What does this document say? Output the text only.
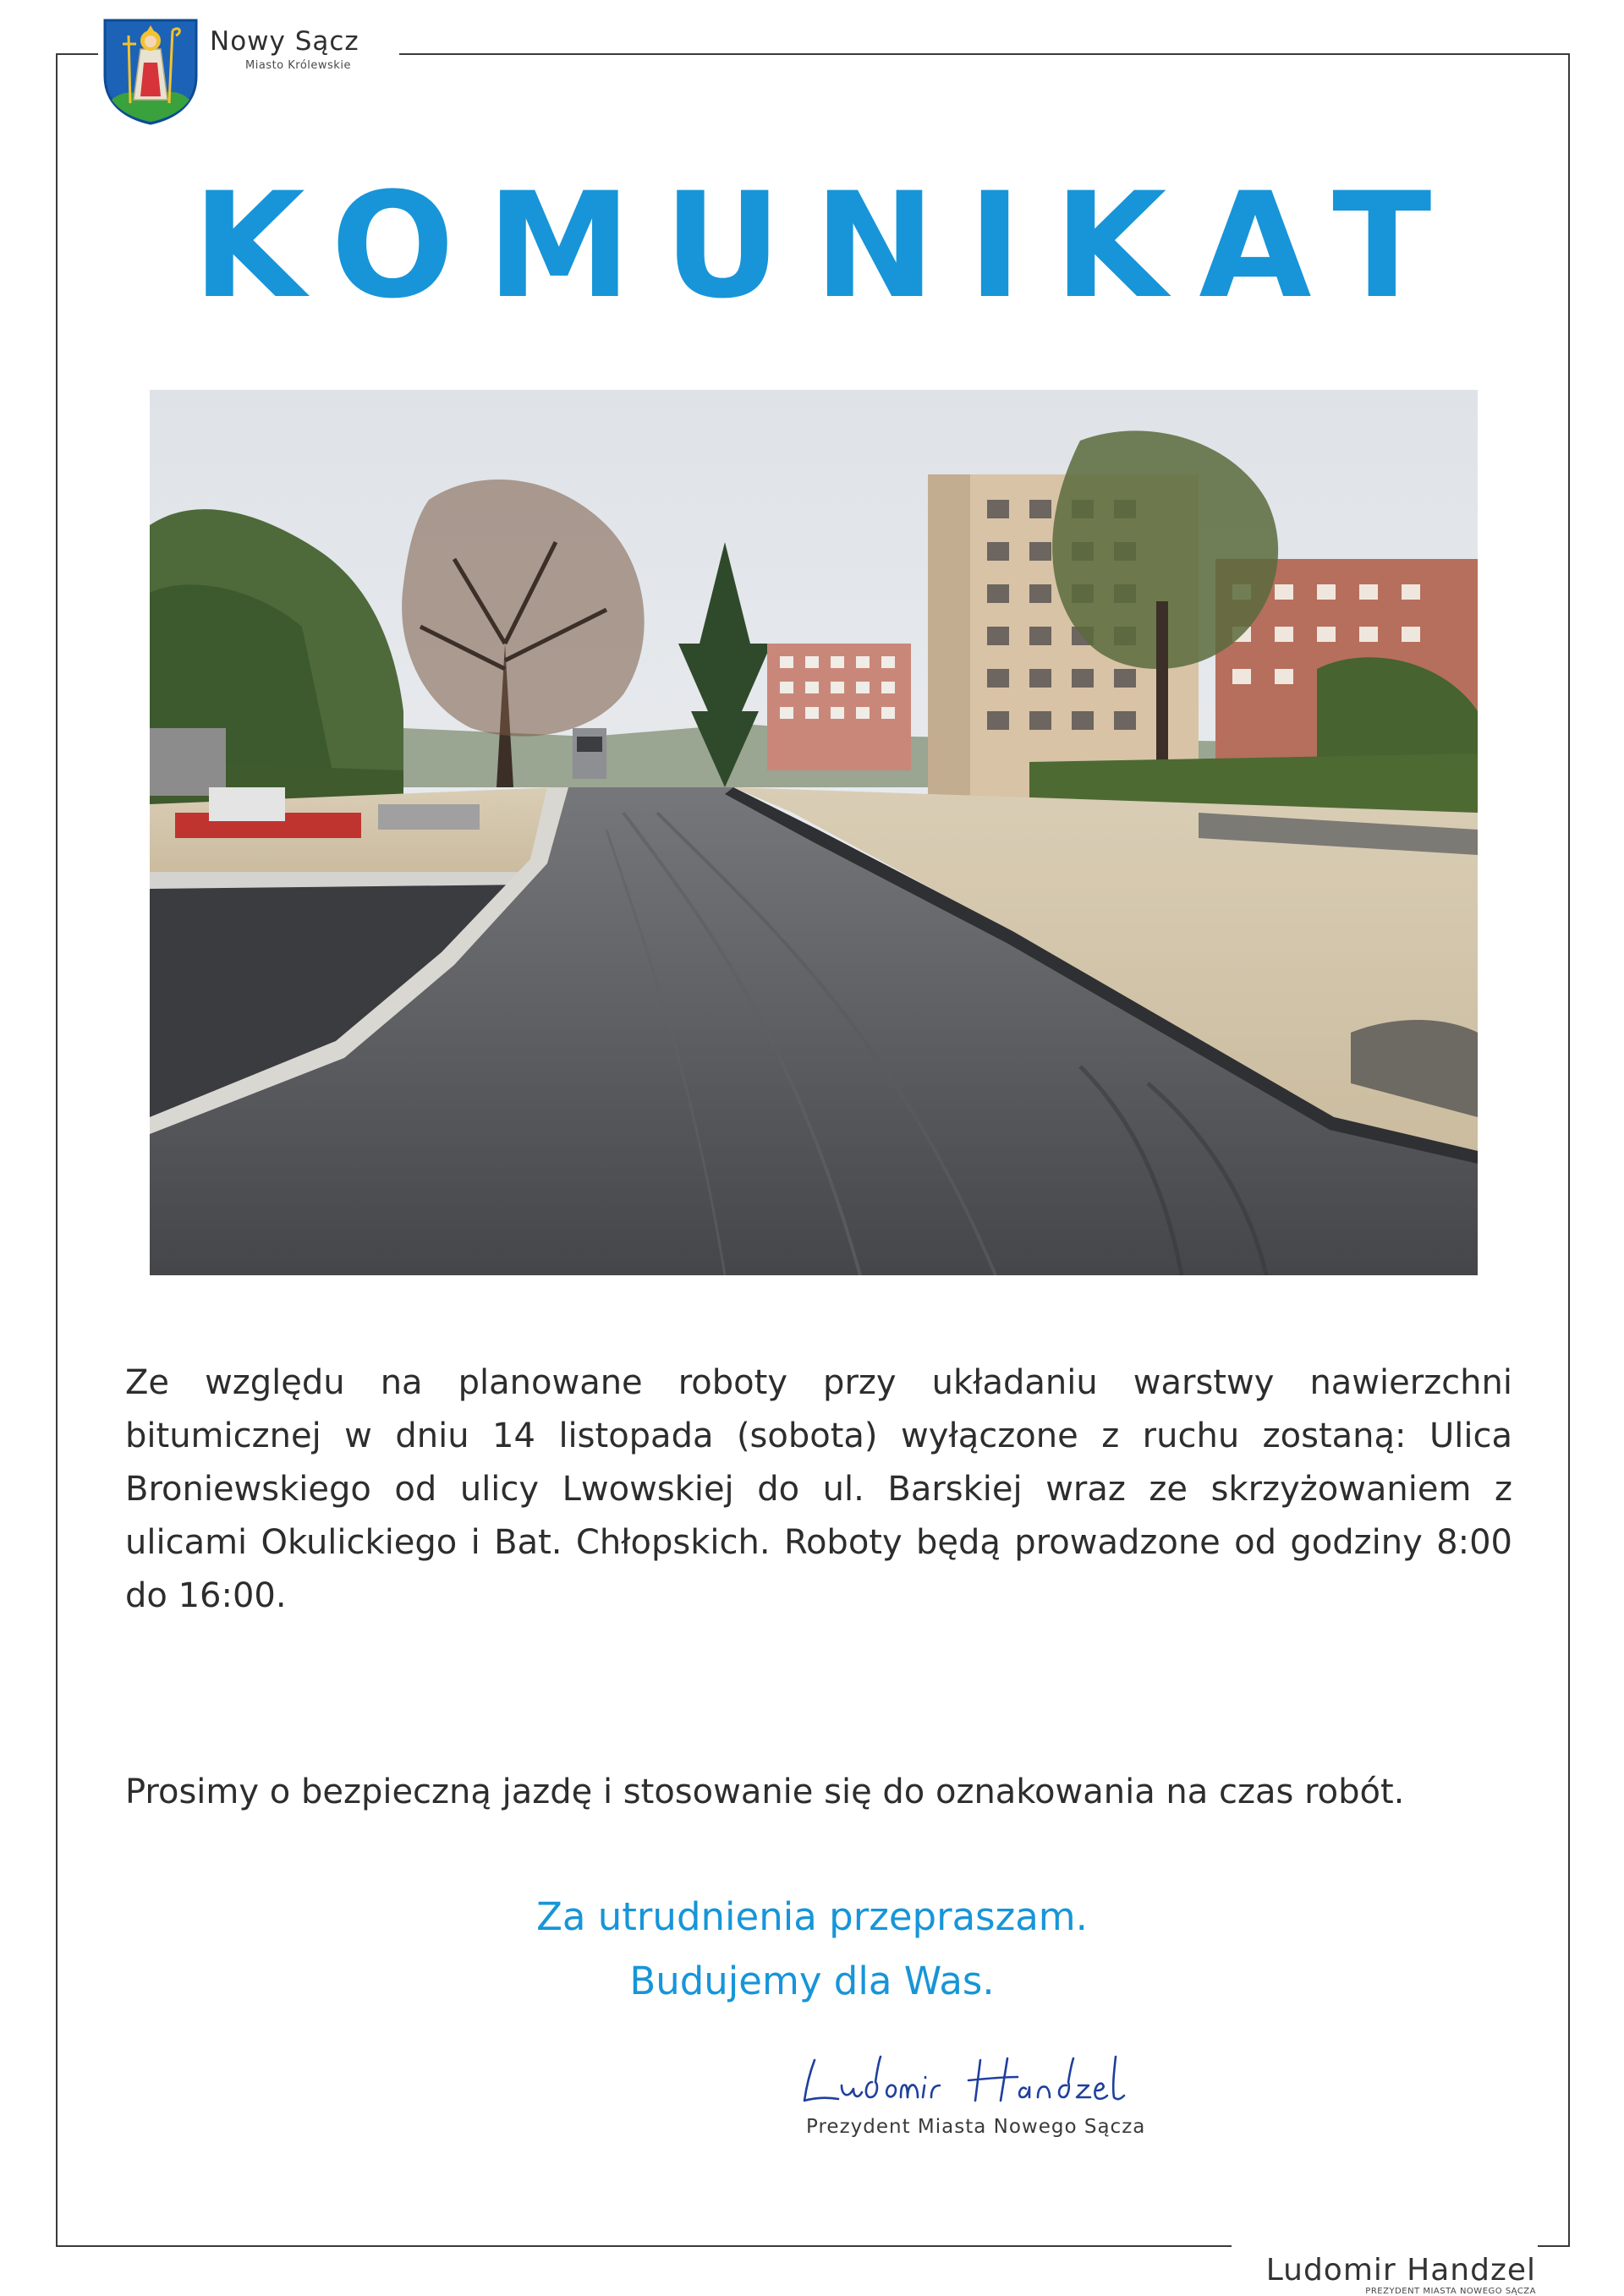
Nowy Sącz
Miasto Królewskie
KOMUNIKAT
Ze względu na planowane roboty przy układaniu warstwy nawierzchni bitumicznej w dniu 14 listopada (sobota) wyłączone z ruchu zostaną: Ulica Broniewskiego od ulicy Lwowskiej do ul. Barskiej wraz ze skrzyżowaniem z ulicami Okulickiego i Bat. Chłopskich. Roboty będą prowadzone od godziny 8:00 do 16:00.
Prosimy o bezpieczną jazdę i stosowanie się do oznakowania na czas robót.
Za utrudnienia przepraszam.
Budujemy dla Was.
Prezydent Miasta Nowego Sącza
Ludomir Handzel
PREZYDENT MIASTA NOWEGO SĄCZA
